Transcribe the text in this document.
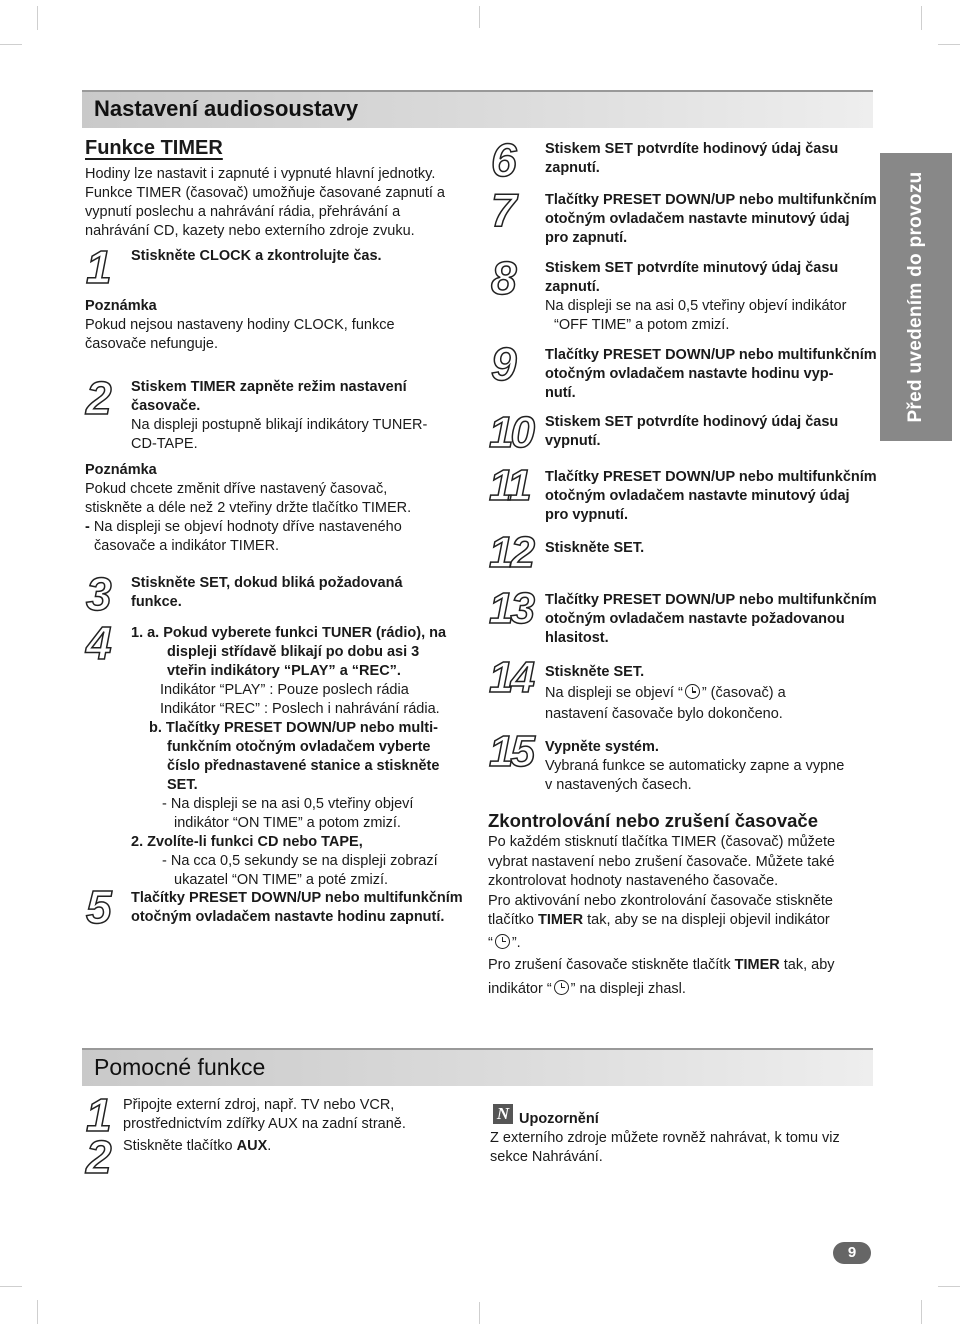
Nastavení audiosoustavy
Funkce TIMER
Hodiny lze nastavit i zapnuté i vypnuté hlavní jednotky.
Funkce TIMER (časovač) umožňuje časované zapnutí a
vypnutí poslechu a nahrávání rádia, přehrávání a
nahrávání CD, kazety nebo externího zdroje zvuku.
1 Stiskněte CLOCK a zkontrolujte čas.
Poznámka
Pokud nejsou nastaveny hodiny CLOCK, funkce
časovače nefunguje.
2 Stiskem TIMER zapněte režim nastavení
časovače.
Na displeji postupně blikají indikátory TUNER-
CD-TAPE.
Poznámka
Pokud chcete změnit dříve nastavený časovač,
stiskněte a déle než 2 vteřiny držte tlačítko TIMER.
- Na displeji se objeví hodnoty dříve nastaveného
časovače a indikátor TIMER.
3 Stiskněte SET, dokud bliká požadovaná
funkce.
4 1. a. Pokud vyberete funkci TUNER (rádio), na
displeji střídavě blikají po dobu asi 3
vteřin indikátory “PLAY” a “REC”.
Indikátor “PLAY” : Pouze poslech rádia
Indikátor “REC” : Poslech i nahrávání rádia.
b. Tlačítky PRESET DOWN/UP nebo multi-
funkčním otočným ovladačem vyberte
číslo přednastavené stanice a stiskněte
SET.
- Na displeji se na asi 0,5 vteřiny objeví
indikátor “ON TIME” a potom zmizí.
2. Zvolíte-li funkci CD nebo TAPE,
- Na cca 0,5 sekundy se na displeji zobrazí
ukazatel “ON TIME” a poté zmizí.
5 Tlačítky PRESET DOWN/UP nebo multifunkčním
otočným ovladačem nastavte hodinu zapnutí.
6 Stiskem SET potvrdíte hodinový údaj času
zapnutí.
7 Tlačítky PRESET DOWN/UP nebo multifunkčním
otočným ovladačem nastavte minutový údaj
pro zapnutí.
8 Stiskem SET potvrdíte minutový údaj času
zapnutí.
Na displeji se na asi 0,5 vteřiny objeví indikátor
“OFF TIME” a potom zmizí.
9 Tlačítky PRESET DOWN/UP nebo multifunkčním
otočným ovladačem nastavte hodinu vyp-
nutí.
10 Stiskem SET potvrdíte hodinový údaj času
vypnutí.
11 Tlačítky PRESET DOWN/UP nebo multifunkčním
otočným ovladačem nastavte minutový údaj
pro vypnutí.
12 Stiskněte SET.
13 Tlačítky PRESET DOWN/UP nebo multifunkčním
otočným ovladačem nastavte požadovanou
hlasitost.
14 Stiskněte SET.
Na displeji se objeví “ ” (časovač) a
nastavení časovače bylo dokončeno.
15 Vypněte systém.
Vybraná funkce se automaticky zapne a vypne
v nastavených časech.
Zkontrolování nebo zrušení časovače
Po každém stisknutí tlačítka TIMER (časovač) můžete
vybrat nastavení nebo zrušení časovače. Můžete také
zkontrolovat hodnoty nastaveného časovače.
Pro aktivování nebo zkontrolování časovače stiskněte
tlačítko TIMER tak, aby se na displeji objevil indikátor
“ ”.
Pro zrušení časovače stiskněte tlačítk TIMER tak, aby
indikátor “ ” na displeji zhasl.
Před uvedením do provozu
Pomocné funkce
1 Připojte externí zdroj, např. TV nebo VCR,
prostřednictvím zdířky AUX na zadní straně.
2 Stiskněte tlačítko AUX.
N Upozornění
Z externího zdroje můžete rovněž nahrávat, k tomu viz
sekce Nahrávání.
9
